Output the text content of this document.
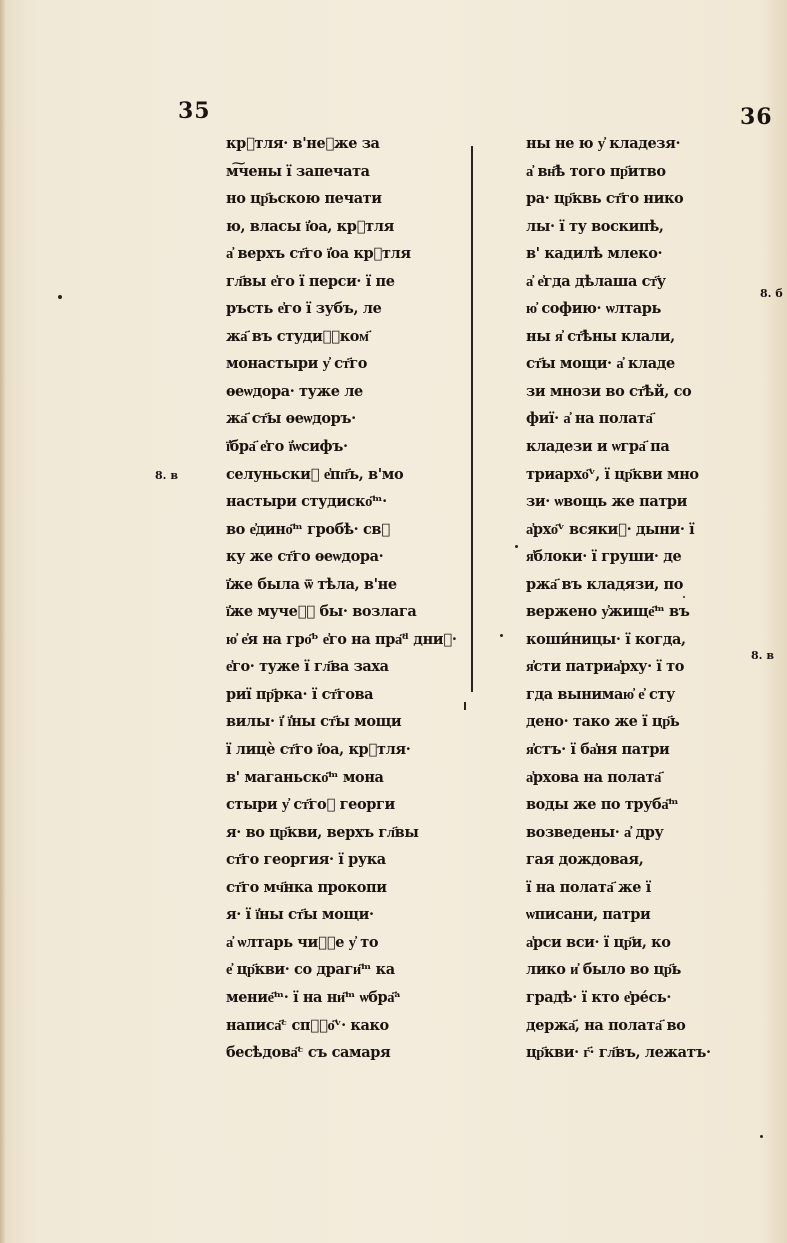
35	36
8. в
8. б
8. в
крⷮтля· в'неⷩже за
м͠чены ї запечата
но цр҃ьскою печати
ю, власы ї҆оа, крⷮтля
а҆ верхъ ст҃го ї҆оа крⷮтля
гл҃вы е҆го ї перси· ї пе
ръсть е҆го ї зубъ, ле
жа҃ въ студиⷭ҇ком҃
монастыри у҆ ст҃го
ѳеѡдора· туже ле
жа҃ ст҃ы ѳеѡдоръ·
ї҆бра҃ е҆го ї҆ѡсифъ·
селуньскиⷨ е҆пп҃ъ, в'мо
настыри студиско҃ᵐ·
во е҆дино҃ᵐ гробѣ· свⷮ
ку же ст҃го ѳеѡдора·
ї҆же была ѿ тѣла, в'не
ї҆же мучеⷭ҇ бы· возлага
ю҆ е҆я на гро҃ᵇ е҆го на пра҃ᵈ дниⷯ·
е҆го· туже ї гл҃ва заха
риї пр҃рка· ї ст҃гова
вилы· ї҆ ї҆ны ст҃ы мощи
ї лицѐ ст҃го ї҆оа, крⷮтля·
в' маганьско҃ᵐ мона
стыри у҆ ст҃гоⷢ георги
я· во цр҃кви, верхъ гл҃вы
ст҃го георгия· ї рука
ст҃го мч҃нка прокопи
я· ї ї҆ны ст҃ы мощи·
а҆ ѡлтарь чиⷩ҇е у҆ то
е҆ цр҃кви· со драги҃ᵐ ка
мение҃ᵐ· ї на ни҃ᵐ ѡбра҃ᵃ
написа҃ᶜ спⷭ҇о҃ᵛ· како
бесѣдова҃ᶜ съ самаря
ны не ю у҆ кладезя·
а҆ вн҃ѣ того пр҃итво
ра· цр҃квь ст҃го нико
лы· ї ту воскипѣ,
в' кадилѣ млеко·
а҆ е҆гда дѣлаша ст҃у
ю҆ софию· ѡлтарь
ны я҆ ст҃ѣны клали,
ст҃ы мощи· а҆ кладе
зи мнози во ст҃ѣй, со
фиї· а҆ на полата҃
кладези и ѡгра҃ па
триархо҃ᵛ, ї цр҃кви мно
зи· ѡвощь же патри
а҆рхо҃ᵛ всякиⷨ· дыни· ї
я҆блоки· ї груши· де
ржа҃ въ кладязи, по
вержено у҆жище҃ᵐ въ
коши́ницы· ї когда,
я҆сти патриа҆рху· ї то
гда вынимаю҆ е҆ сту
дено· тако же ї цр҃ь
я҆стъ· ї ба҆ня патри
а҆рхова на полата҃
воды же по труба҃ᵐ
возведены· а҆ дру
гая дождовая,
ї на полата҃ же ї
ѡписани, патри
а҆рси вси· ї цр҃и, ко
лико и҆ было во цр҃ь
градѣ· ї кто е҆ре́сь·
держа҃, на полата҃ во
цр҃кви· г҃· гл҃въ, лежатъ·
